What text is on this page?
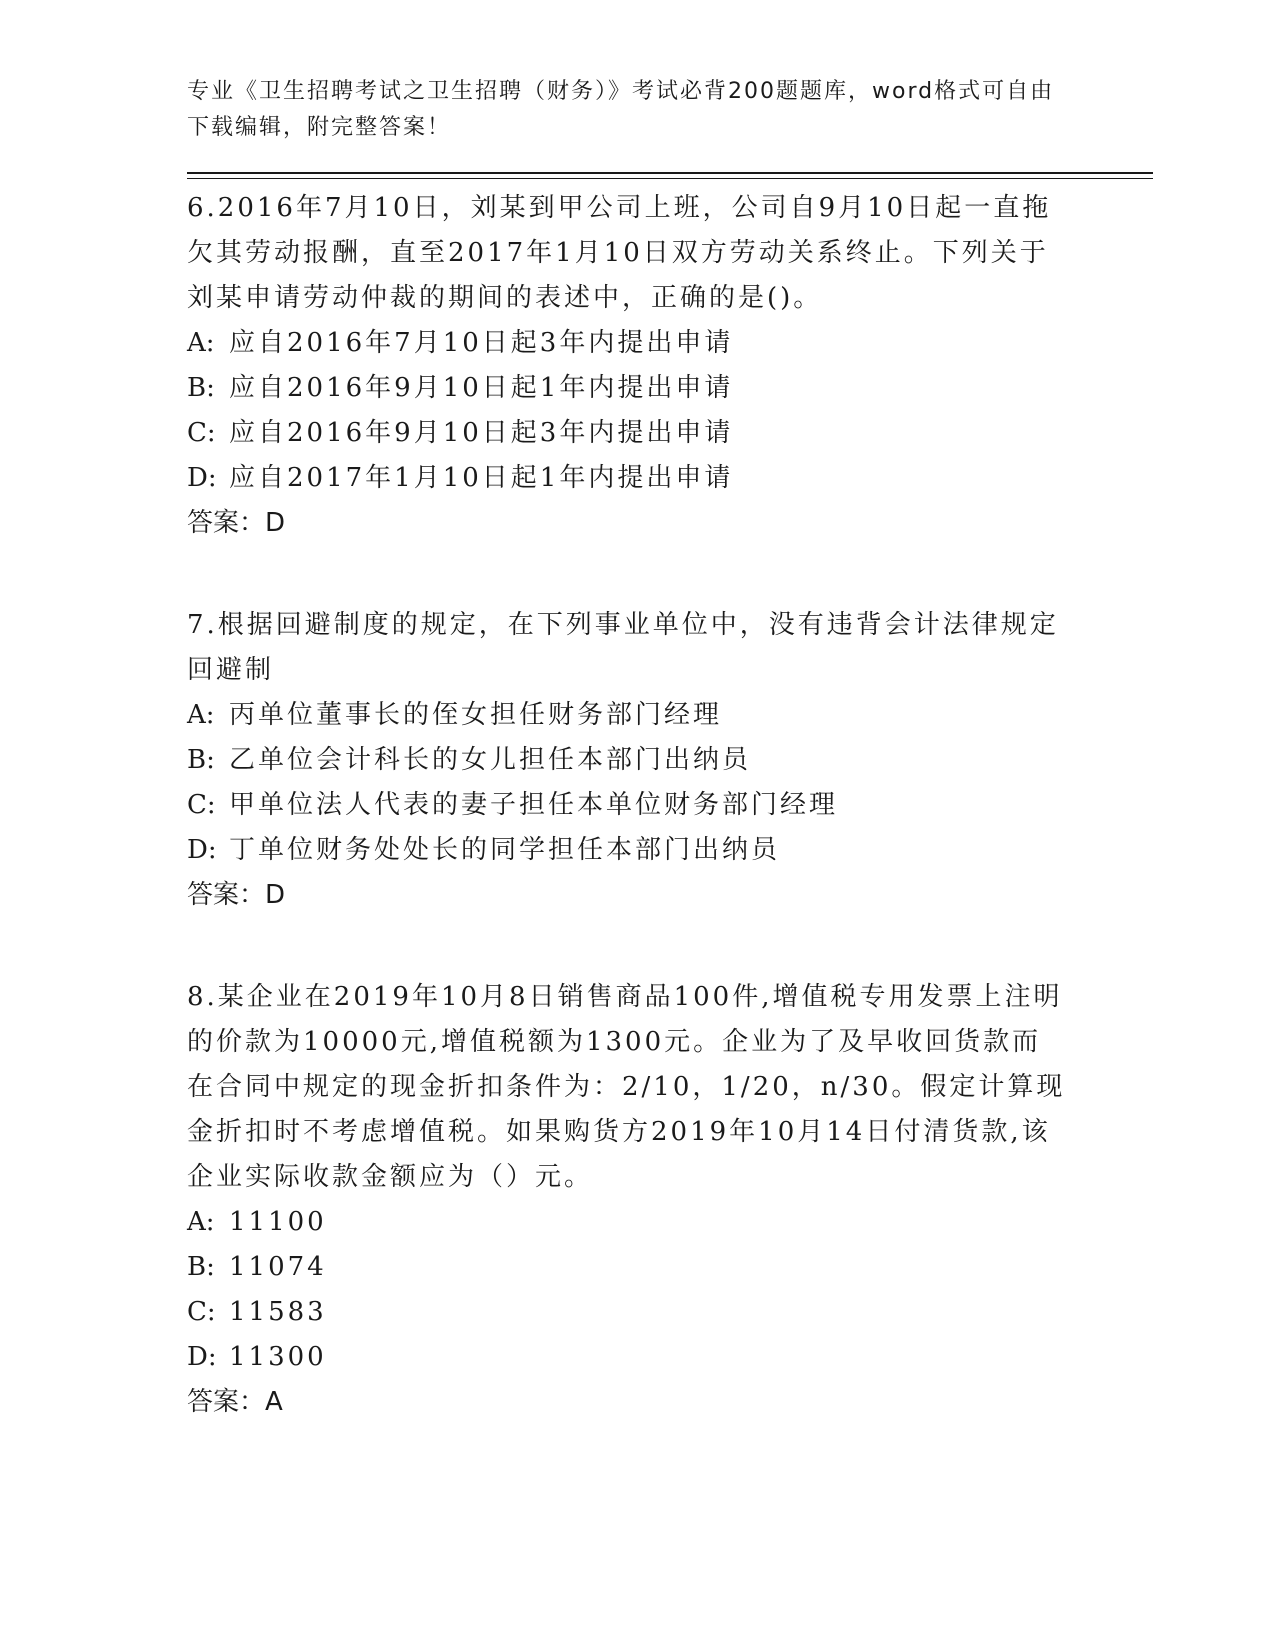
专业《卫生招聘考试之卫生招聘（财务）》考试必背200题题库，word格式可自由下载编辑，附完整答案！

6.2016年7月10日，刘某到甲公司上班，公司自9月10日起一直拖欠其劳动报酬，直至2017年1月10日双方劳动关系终止。下列关于刘某申请劳动仲裁的期间的表述中，正确的是()。

A: 应自2016年7月10日起3年内提出申请

B: 应自2016年9月10日起1年内提出申请

C: 应自2016年9月10日起3年内提出申请

D: 应自2017年1月10日起1年内提出申请

答案：D

7.根据回避制度的规定，在下列事业单位中，没有违背会计法律规定回避制

A: 丙单位董事长的侄女担任财务部门经理

B: 乙单位会计科长的女儿担任本部门出纳员

C: 甲单位法人代表的妻子担任本单位财务部门经理

D: 丁单位财务处处长的同学担任本部门出纳员

答案：D

8.某企业在2019年10月8日销售商品100件,增值税专用发票上注明的价款为10000元,增值税额为1300元。企业为了及早收回货款而在合同中规定的现金折扣条件为：2/10，1/20，n/30。假定计算现金折扣时不考虑增值税。如果购货方2019年10月14日付清货款,该企业实际收款金额应为（）元。

A: 11100

B: 11074

C: 11583

D: 11300

答案：A
